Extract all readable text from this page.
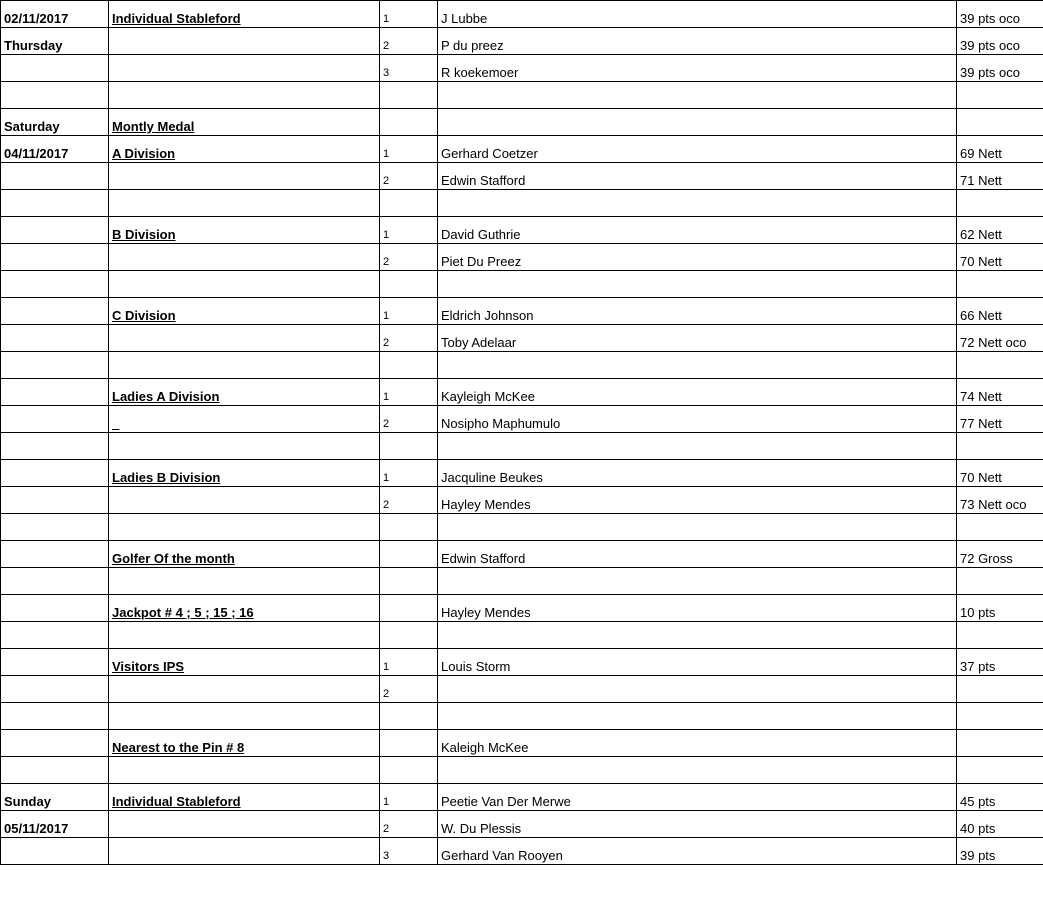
02/11/2017	Individual Stableford	1	J Lubbe	39 pts oco
Thursday		2	P du preez	39 pts oco
		3	R koekemoer	39 pts oco

Saturday	Montly Medal			
04/11/2017	A Division	1	Gerhard Coetzer	69 Nett
		2	Edwin Stafford	71 Nett

	B Division	1	David Guthrie	62 Nett
		2	Piet Du Preez	70 Nett

	C Division	1	Eldrich Johnson	66 Nett
		2	Toby Adelaar	72 Nett oco

	Ladies A Division	1	Kayleigh McKee	74 Nett
	_	2	Nosipho Maphumulo	77 Nett

	Ladies B Division	1	Jacquline Beukes	70 Nett
		2	Hayley Mendes	73 Nett oco

	Golfer Of the month		Edwin Stafford	72 Gross

	Jackpot # 4 ; 5 ; 15 ; 16		Hayley Mendes	10 pts

	Visitors IPS	1	Louis Storm	37 pts
		2		

	Nearest to the Pin # 8		Kaleigh McKee	

Sunday	Individual Stableford	1	Peetie Van Der Merwe	45 pts
05/11/2017		2	W. Du Plessis	40 pts
		3	Gerhard Van Rooyen	39 pts
